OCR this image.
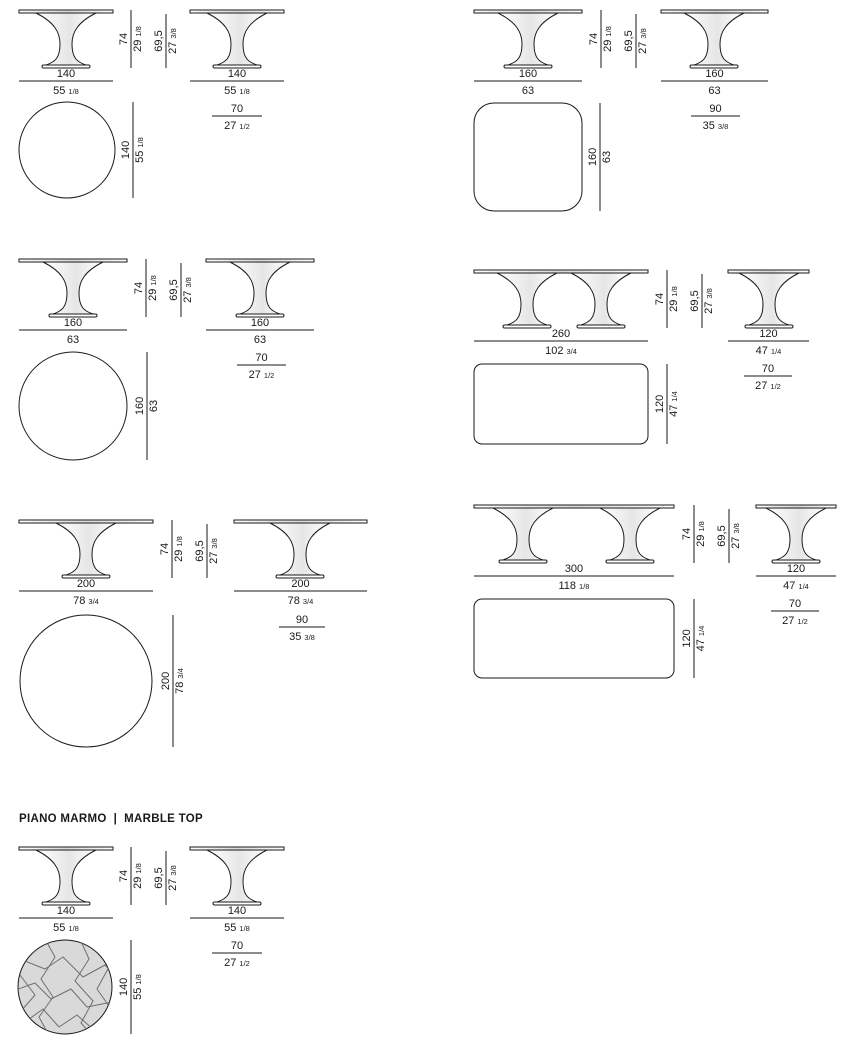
74
291/8
140
55 1/8
69,5 273/8
140
55 1/8
70
27 1/2
140 551/8
74
291/8
160
63
69,5 273/8
160
63
90
35 3/8
160 63
74
291/8
160
63
69,5 273/8
160
63
70
27 1/2
160 63
74
291/8
260
102 3/4
69,5 273/8
120
47 1/4
70
27 1/2
120 471/4
74
291/8
200
78 3/4
69,5 273/8
200
78 3/4
90
35 3/8
200 783/4
74
291/8
300
118 1/8
69,5 273/8
120
47 1/4
70
27 1/2
120 471/4
74
291/8
140
55 1/8
69,5 273/8
140
55 1/8
70
27 1/2
140 551/8
PIANO MARMO  |  MARBLE TOP
